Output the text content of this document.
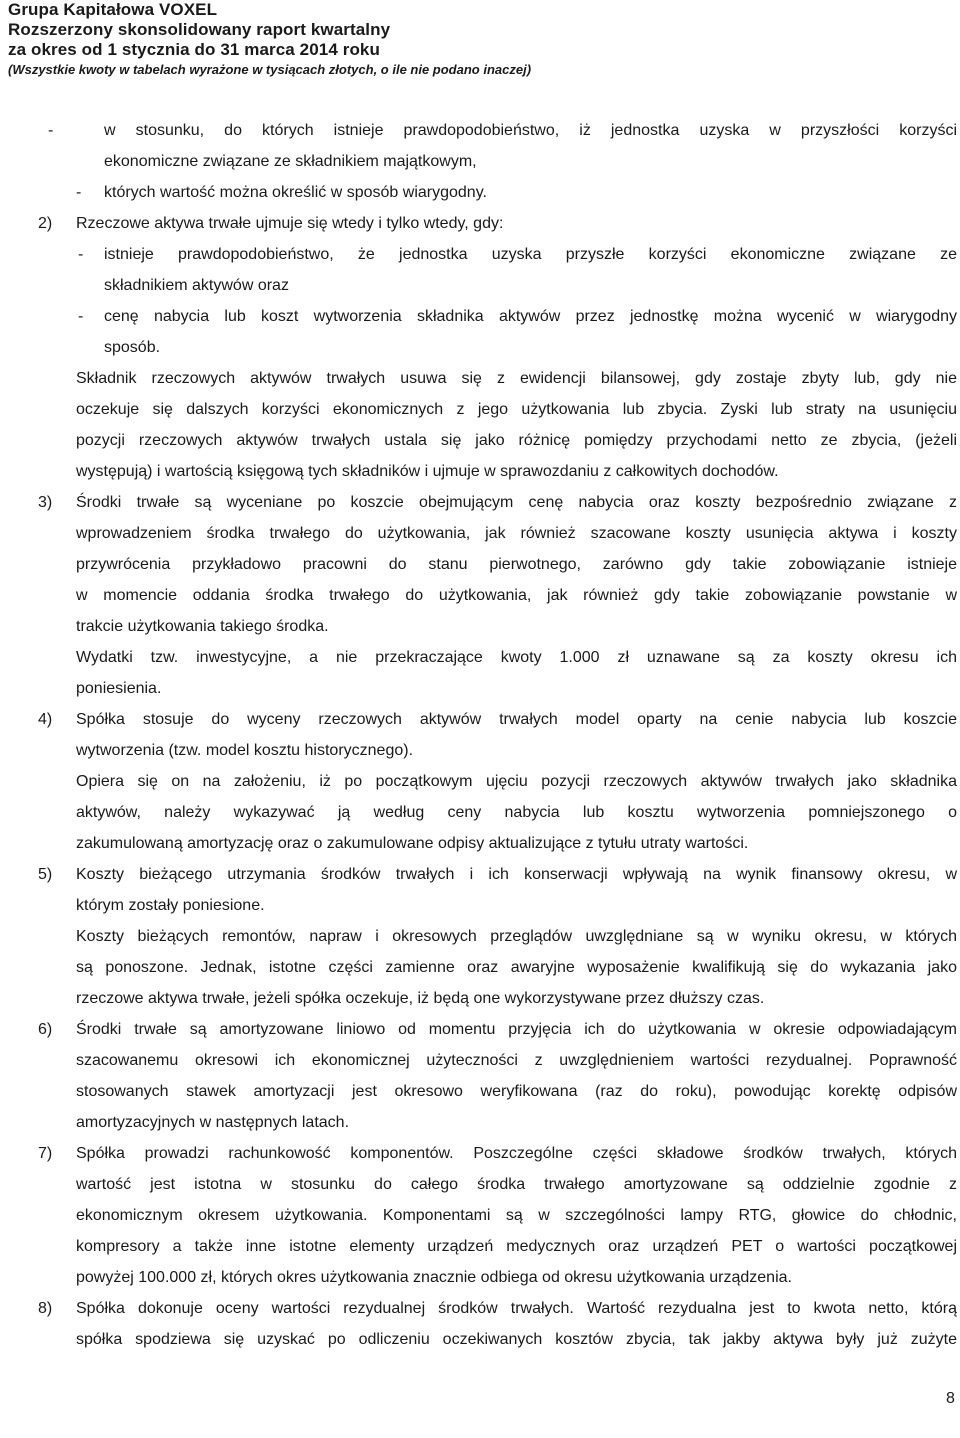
Grupa Kapitałowa VOXEL
Rozszerzony skonsolidowany raport kwartalny
za okres od 1 stycznia do 31 marca 2014 roku
(Wszystkie kwoty w tabelach wyrażone w tysiącach złotych, o ile nie podano inaczej)
-	w stosunku, do których istnieje prawdopodobieństwo, iż jednostka uzyska w przyszłości korzyści
ekonomiczne związane ze składnikiem majątkowym,
- których wartość można określić w sposób wiarygodny.
2) Rzeczowe aktywa trwałe ujmuje się wtedy i tylko wtedy, gdy:
- istnieje prawdopodobieństwo, że jednostka uzyska przyszłe korzyści ekonomiczne związane ze
składnikiem aktywów oraz
- cenę nabycia lub koszt wytworzenia składnika aktywów przez jednostkę można wycenić w wiarygodny
sposób.
Składnik rzeczowych aktywów trwałych usuwa się z ewidencji bilansowej, gdy zostaje zbyty lub, gdy nie
oczekuje się dalszych korzyści ekonomicznych z jego użytkowania lub zbycia. Zyski lub straty na usunięciu
pozycji rzeczowych aktywów trwałych ustala się jako różnicę pomiędzy przychodami netto ze zbycia, (jeżeli
występują) i wartością księgową tych składników i ujmuje w sprawozdaniu z całkowitych dochodów.
3) Środki trwałe są wyceniane po koszcie obejmującym cenę nabycia oraz koszty bezpośrednio związane z
wprowadzeniem środka trwałego do użytkowania, jak również szacowane koszty usunięcia aktywa i koszty
przywrócenia przykładowo pracowni do stanu pierwotnego, zarówno gdy takie zobowiązanie istnieje
w momencie oddania środka trwałego do użytkowania, jak również gdy takie zobowiązanie powstanie w
trakcie użytkowania takiego środka.
Wydatki tzw. inwestycyjne, a nie przekraczające kwoty 1.000 zł uznawane są za koszty okresu ich
poniesienia.
4) Spółka stosuje do wyceny rzeczowych aktywów trwałych model oparty na cenie nabycia lub koszcie
wytworzenia (tzw. model kosztu historycznego).
Opiera się on na założeniu, iż po początkowym ujęciu pozycji rzeczowych aktywów trwałych jako składnika
aktywów, należy wykazywać ją według ceny nabycia lub kosztu wytworzenia pomniejszonego o
zakumulowaną amortyzację oraz o zakumulowane odpisy aktualizujące z tytułu utraty wartości.
5) Koszty bieżącego utrzymania środków trwałych i ich konserwacji wpływają na wynik finansowy okresu, w
którym zostały poniesione.
Koszty bieżących remontów, napraw i okresowych przeglądów uwzględniane są w wyniku okresu, w których
są ponoszone. Jednak, istotne części zamienne oraz awaryjne wyposażenie kwalifikują się do wykazania jako
rzeczowe aktywa trwałe, jeżeli spółka oczekuje, iż będą one wykorzystywane przez dłuższy czas.
6) Środki trwałe są amortyzowane liniowo od momentu przyjęcia ich do użytkowania w okresie odpowiadającym
szacowanemu okresowi ich ekonomicznej użyteczności z uwzględnieniem wartości rezydualnej. Poprawność
stosowanych stawek amortyzacji jest okresowo weryfikowana (raz do roku), powodując korektę odpisów
amortyzacyjnych w następnych latach.
7) Spółka prowadzi rachunkowość komponentów. Poszczególne części składowe środków trwałych, których
wartość jest istotna w stosunku do całego środka trwałego amortyzowane są oddzielnie zgodnie z
ekonomicznym okresem użytkowania. Komponentami są w szczególności lampy RTG, głowice do chłodnic,
kompresory a także inne istotne elementy urządzeń medycznych oraz urządzeń PET o wartości początkowej
powyżej 100.000 zł, których okres użytkowania znacznie odbiega od okresu użytkowania urządzenia.
8) Spółka dokonuje oceny wartości rezydualnej środków trwałych. Wartość rezydualna jest to kwota netto, którą
spółka spodziewa się uzyskać po odliczeniu oczekiwanych kosztów zbycia, tak jakby aktywa były już zużyte
8
